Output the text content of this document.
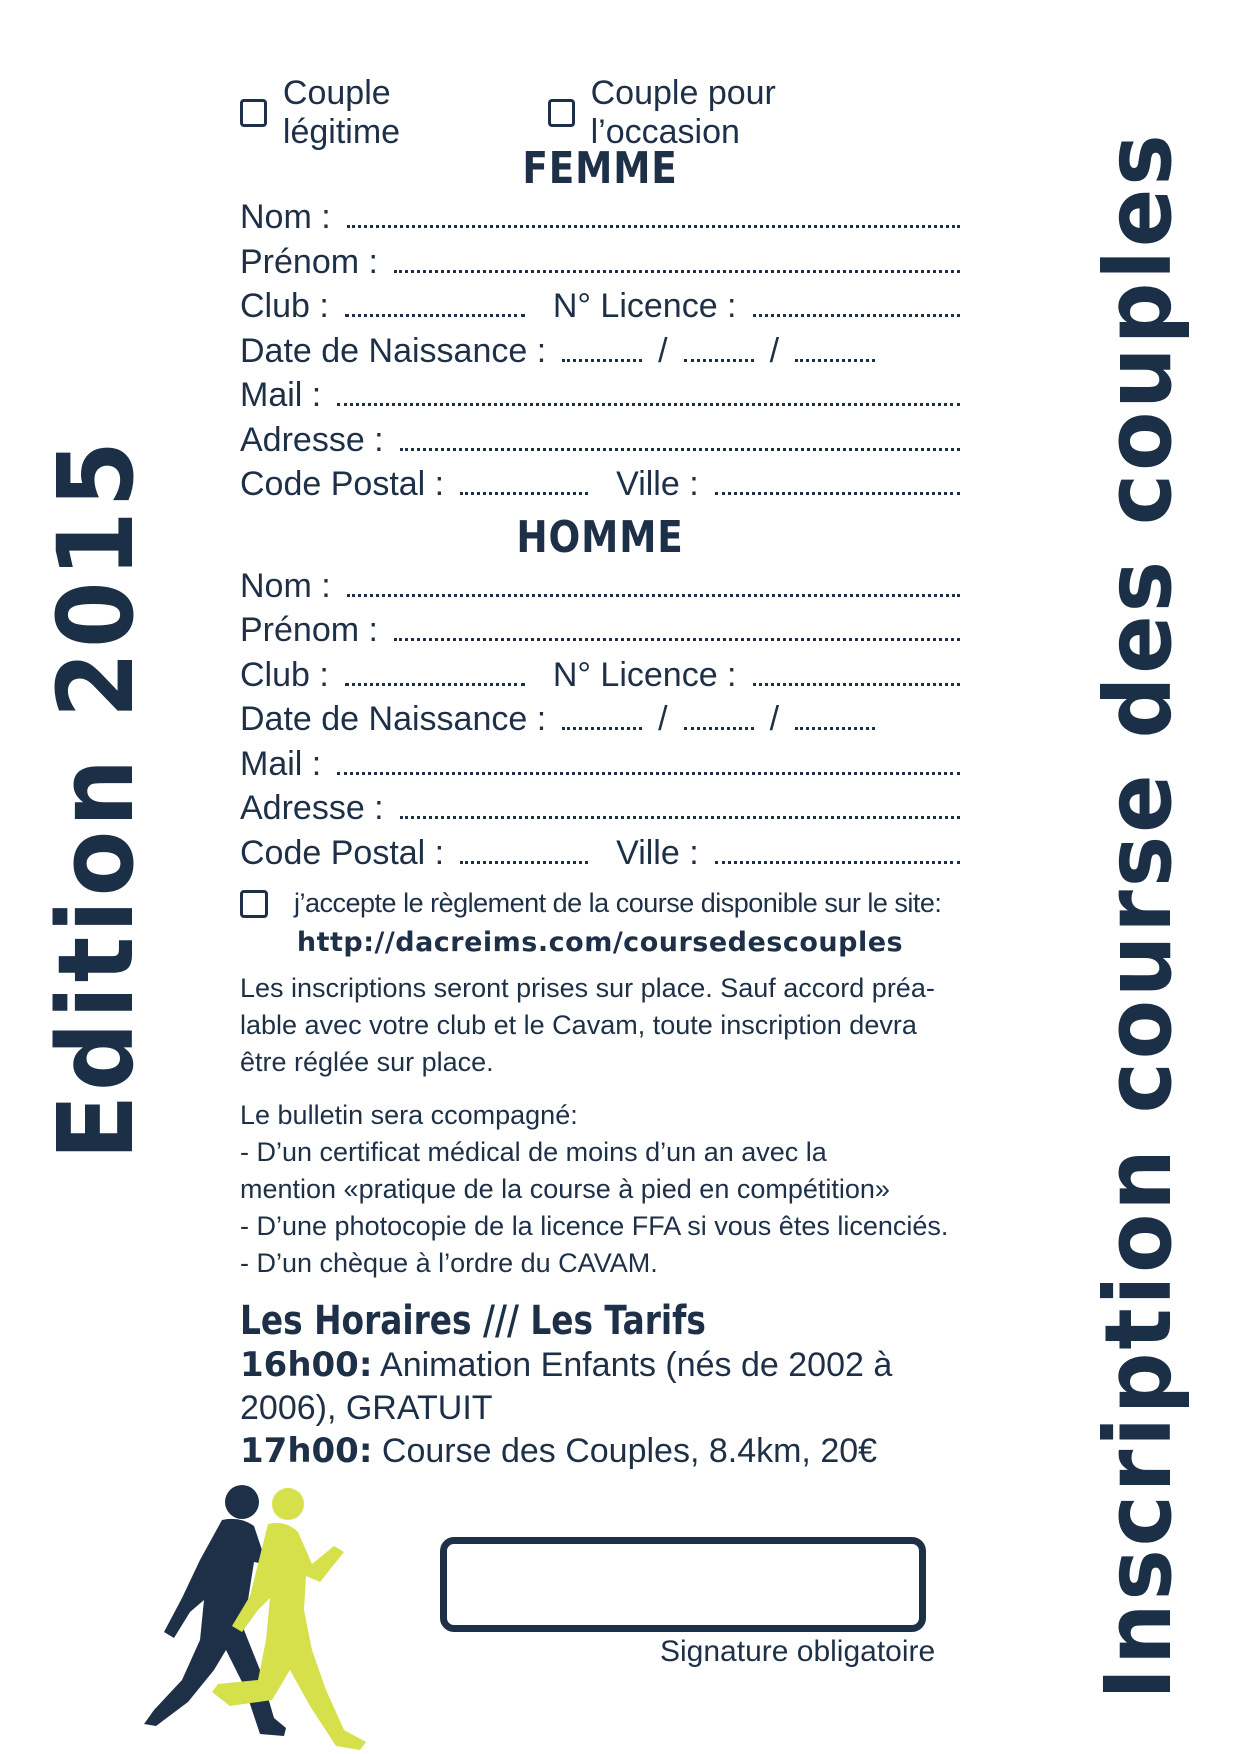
Edition 2015	Inscription course des couples
Couple légitime
Couple pour l’occasion
FEMME
Nom :
Prénom :
Club :	N° Licence :
Date de Naissance :	/	/
Mail :
Adresse :
Code Postal :	Ville :
HOMME
Nom :
Prénom :
Club :	N° Licence :
Date de Naissance :	/	/
Mail :
Adresse :
Code Postal :	Ville :
j’accepte le règlement de la course disponible sur le site:
http://dacreims.com/coursedescouples
Les inscriptions seront prises sur place. Sauf accord préa-
lable avec votre club et le Cavam, toute inscription devra
être réglée sur place.
Le bulletin sera ccompagné:
- D’un certificat médical de moins d’un an avec la
mention «pratique de la course à pied en compétition»
- D’une photocopie de la licence FFA si vous êtes licenciés.
- D’un chèque à l’ordre du CAVAM.
Les Horaires /// Les Tarifs
16h00: Animation Enfants (nés de 2002 à
2006), GRATUIT
17h00: Course des Couples, 8.4km, 20€
Signature obligatoire
